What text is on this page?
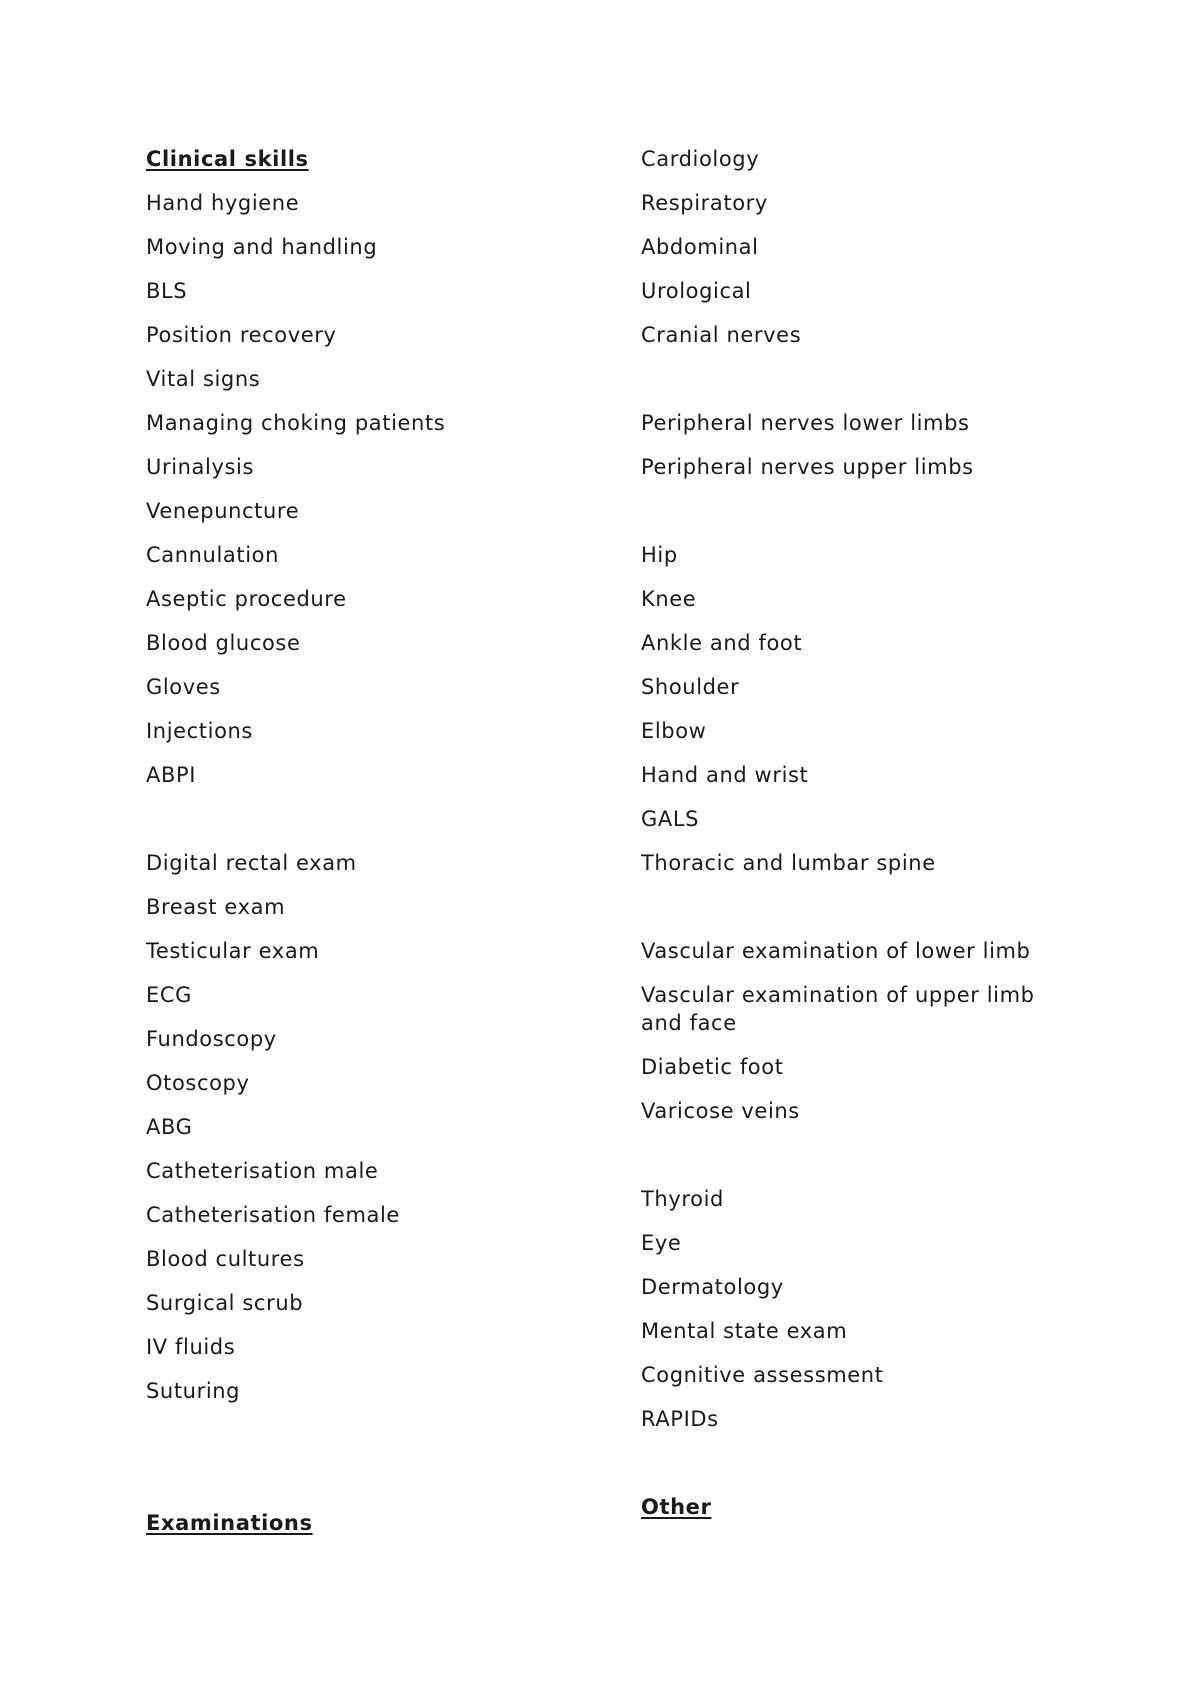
Clinical skills
Hand hygiene
Moving and handling
BLS
Position recovery
Vital signs
Managing choking patients
Urinalysis
Venepuncture
Cannulation
Aseptic procedure
Blood glucose
Gloves
Injections
ABPI
Digital rectal exam
Breast exam
Testicular exam
ECG
Fundoscopy
Otoscopy
ABG
Catheterisation male
Catheterisation female
Blood cultures
Surgical scrub
IV fluids
Suturing
Examinations
Cardiology
Respiratory
Abdominal
Urological
Cranial nerves
Peripheral nerves lower limbs
Peripheral nerves upper limbs
Hip
Knee
Ankle and foot
Shoulder
Elbow
Hand and wrist
GALS
Thoracic and lumbar spine
Vascular examination of lower limb
Vascular examination of upper limb and face
Diabetic foot
Varicose veins
Thyroid
Eye
Dermatology
Mental state exam
Cognitive assessment
RAPIDs
Other
